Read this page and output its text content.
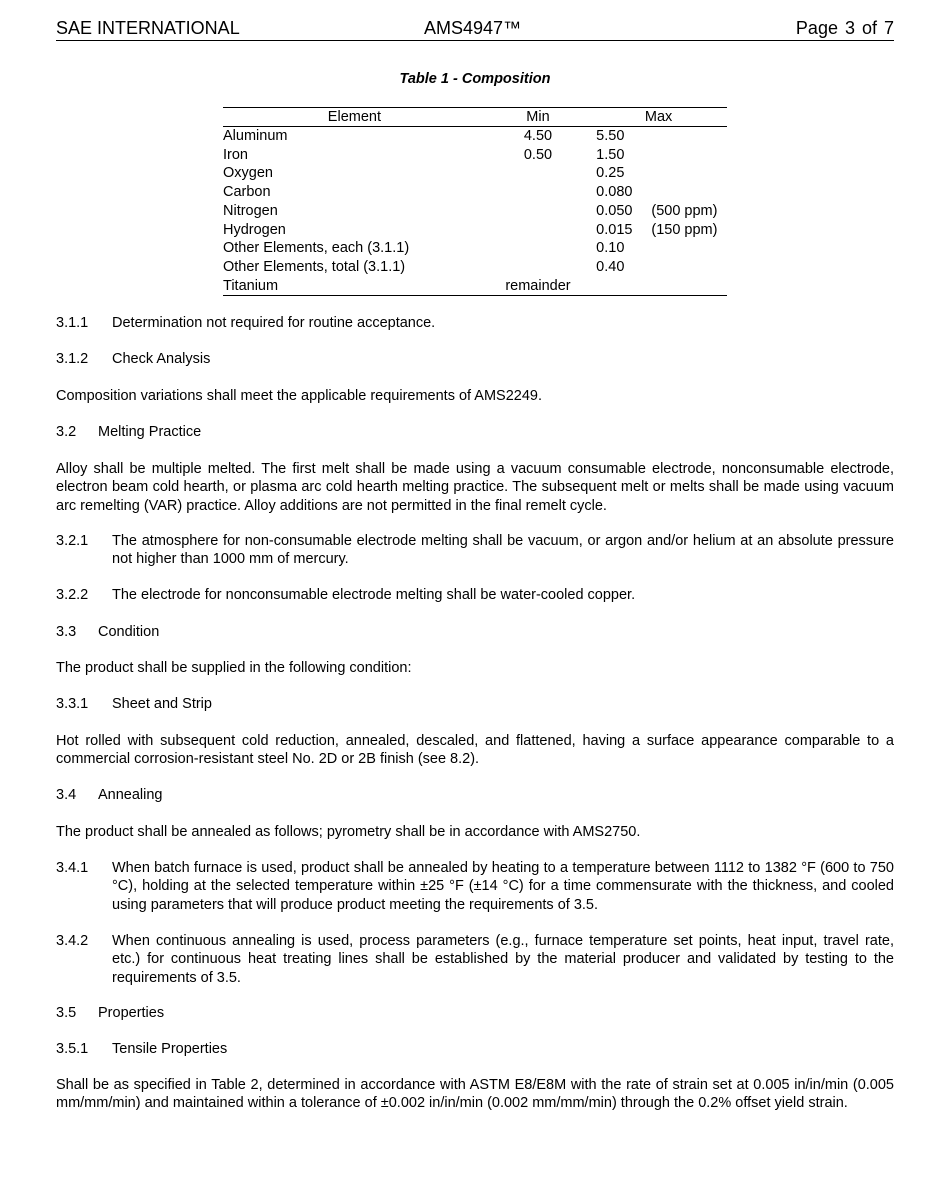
SAE INTERNATIONAL	AMS4947™	Page 3 of 7
Table 1 - Composition
Element	Min	Max	
Aluminum	4.50	5.50	
Iron	0.50	1.50	
Oxygen		0.25	
Carbon		0.080	
Nitrogen		0.050	(500 ppm)
Hydrogen		0.015	(150 ppm)
Other Elements, each (3.1.1)		0.10	
Other Elements, total (3.1.1)		0.40	
Titanium	remainder		
3.1.1 Determination not required for routine acceptance.
3.1.2 Check Analysis
Composition variations shall meet the applicable requirements of AMS2249.
3.2 Melting Practice
Alloy shall be multiple melted. The first melt shall be made using a vacuum consumable electrode, nonconsumable electrode, electron beam cold hearth, or plasma arc cold hearth melting practice. The subsequent melt or melts shall be made using vacuum arc remelting (VAR) practice. Alloy additions are not permitted in the final remelt cycle.
3.2.1 The atmosphere for non-consumable electrode melting shall be vacuum, or argon and/or helium at an absolute pressure not higher than 1000 mm of mercury.
3.2.2 The electrode for nonconsumable electrode melting shall be water-cooled copper.
3.3 Condition
The product shall be supplied in the following condition:
3.3.1 Sheet and Strip
Hot rolled with subsequent cold reduction, annealed, descaled, and flattened, having a surface appearance comparable to a commercial corrosion-resistant steel No. 2D or 2B finish (see 8.2).
3.4 Annealing
The product shall be annealed as follows; pyrometry shall be in accordance with AMS2750.
3.4.1 When batch furnace is used, product shall be annealed by heating to a temperature between 1112 to 1382 °F (600 to 750 °C), holding at the selected temperature within ±25 °F (±14 °C) for a time commensurate with the thickness, and cooled using parameters that will produce product meeting the requirements of 3.5.
3.4.2 When continuous annealing is used, process parameters (e.g., furnace temperature set points, heat input, travel rate, etc.) for continuous heat treating lines shall be established by the material producer and validated by testing to the requirements of 3.5.
3.5 Properties
3.5.1 Tensile Properties
Shall be as specified in Table 2, determined in accordance with ASTM E8/E8M with the rate of strain set at 0.005 in/in/min (0.005 mm/mm/min) and maintained within a tolerance of ±0.002 in/in/min (0.002 mm/mm/min) through the 0.2% offset yield strain.
